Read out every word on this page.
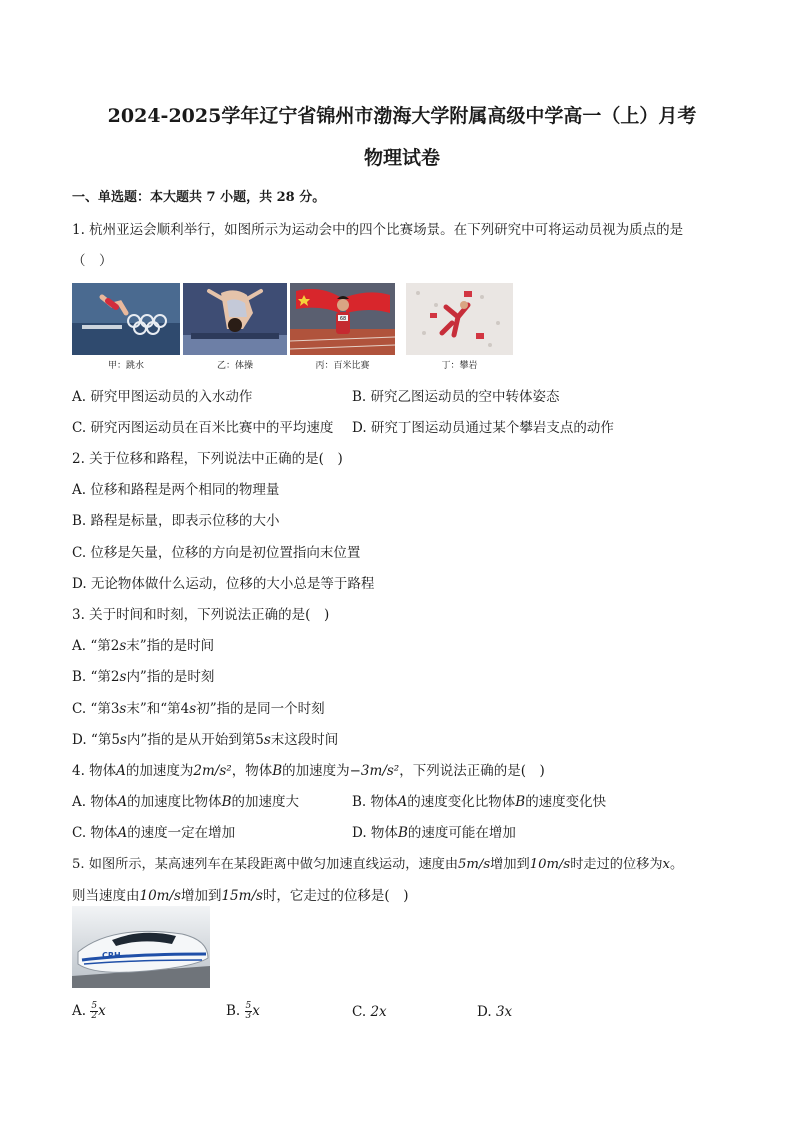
2024-2025学年辽宁省锦州市渤海大学附属高级中学高一（上）月考
物理试卷
一、单选题：本大题共 7 小题，共 28 分。
1. 杭州亚运会顺利举行，如图所示为运动会中的四个比赛场景。在下列研究中可将运动员视为质点的是
（　）
甲：跳水	乙：体操
68
丙：百米比赛	丁：攀岩
A. 研究甲图运动员的入水动作	B. 研究乙图运动员的空中转体姿态
C. 研究丙图运动员在百米比赛中的平均速度 D. 研究丁图运动员通过某个攀岩支点的动作
2. 关于位移和路程，下列说法中正确的是(　)
A. 位移和路程是两个相同的物理量
B. 路程是标量，即表示位移的大小
C. 位移是矢量，位移的方向是初位置指向末位置
D. 无论物体做什么运动，位移的大小总是等于路程
3. 关于时间和时刻，下列说法正确的是(　)
A. “第2s末”指的是时间
B. “第2s内”指的是时刻
C. “第3s末”和“第4s初”指的是同一个时刻
D. “第5s内”指的是从开始到第5s末这段时间
4. 物体A的加速度为2m/s²，物体B的加速度为−3m/s²，下列说法正确的是(　)
A. 物体A的加速度比物体B的加速度大	B. 物体A的速度变化比物体B的速度变化快
C. 物体A的速度一定在增加	D. 物体B的速度可能在增加
5. 如图所示，某高速列车在某段距离中做匀加速直线运动，速度由5m/s增加到10m/s时走过的位移为x。
则当速度由10m/s增加到15m/s时，它走过的位移是(　)
CRH
A. $\frac{5}{2}$ x	B. $\frac{5}{3}$ x	C. 2x	D. 3x
